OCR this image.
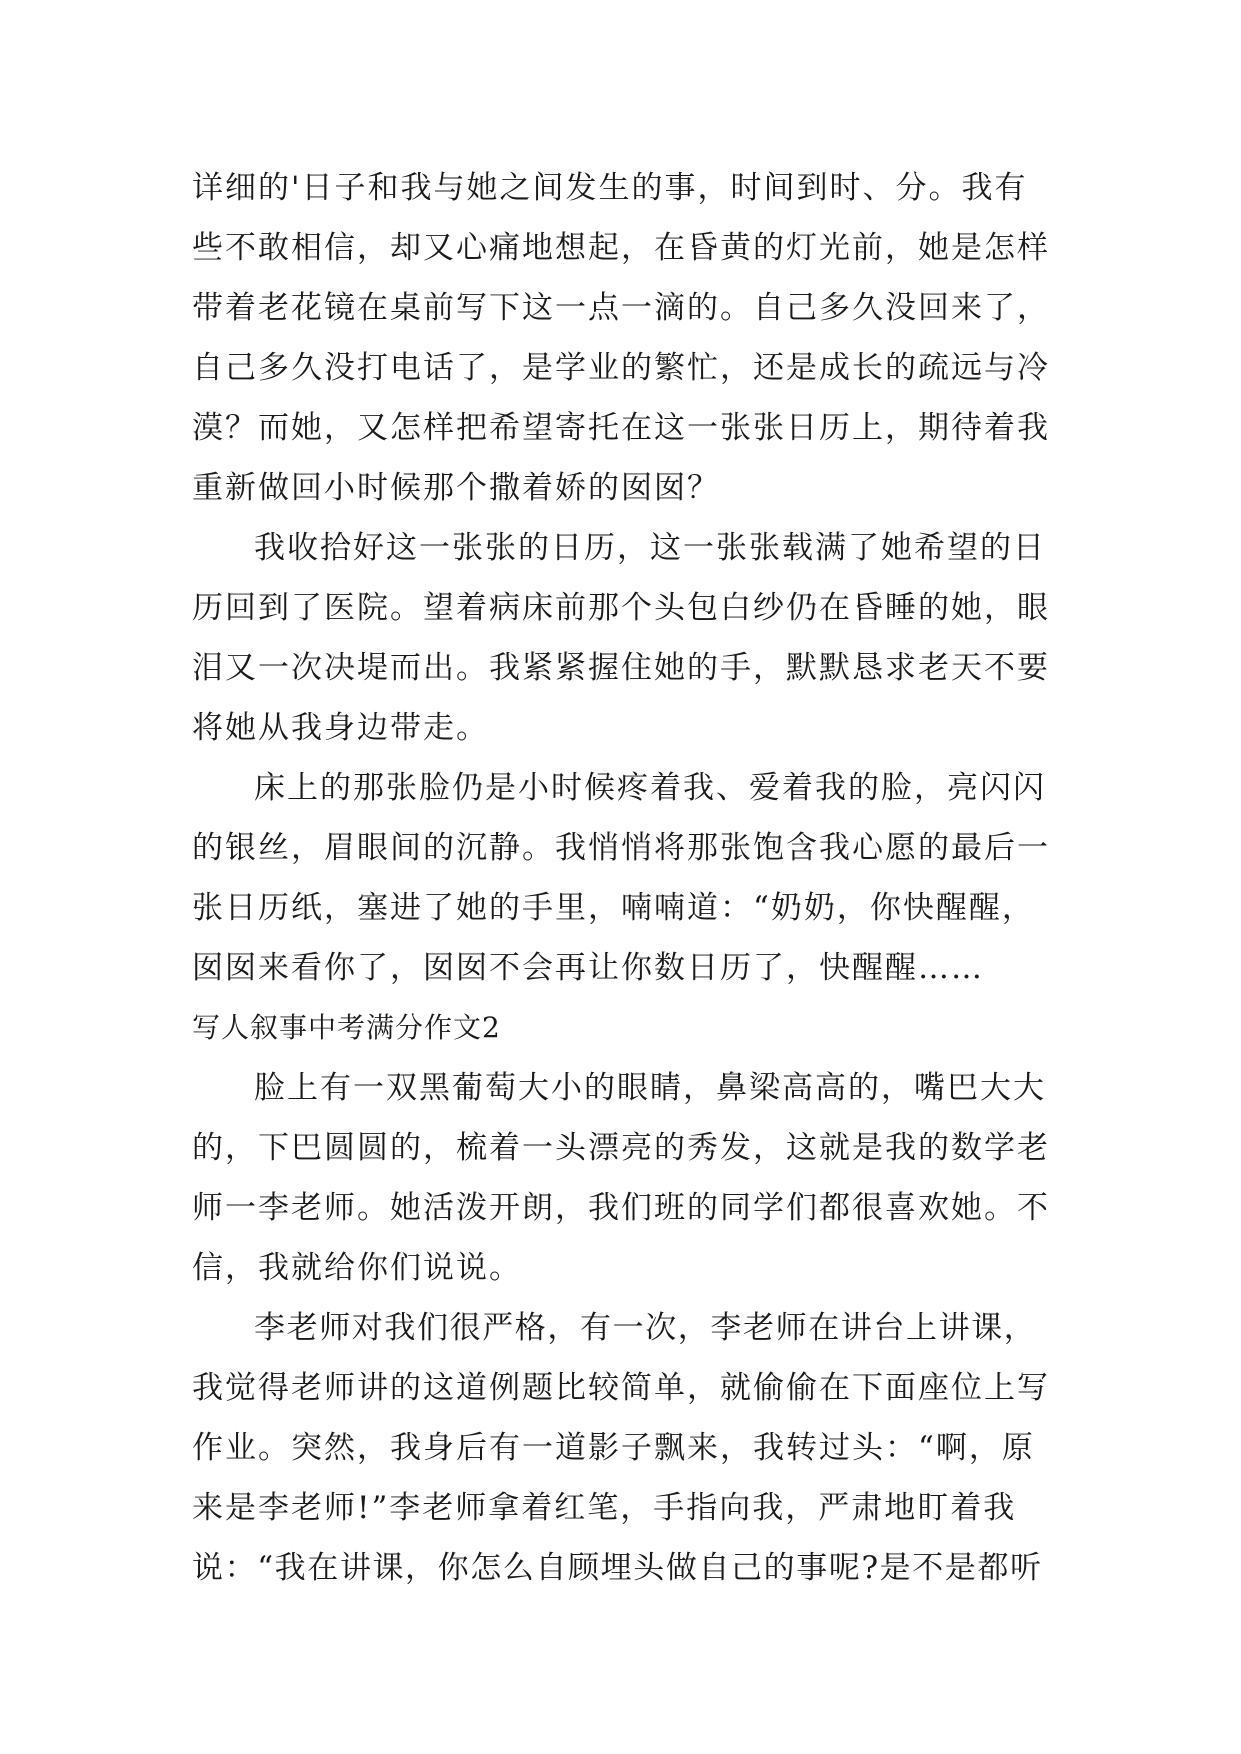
详细的'日子和我与她之间发生的事，时间到时、分。我有
些不敢相信，却又心痛地想起，在昏黄的灯光前，她是怎样
带着老花镜在桌前写下这一点一滴的。自己多久没回来了，
自己多久没打电话了，是学业的繁忙，还是成长的疏远与冷
漠？而她，又怎样把希望寄托在这一张张日历上，期待着我
重新做回小时候那个撒着娇的囡囡？
我收拾好这一张张的日历，这一张张载满了她希望的日
历回到了医院。望着病床前那个头包白纱仍在昏睡的她，眼
泪又一次决堤而出。我紧紧握住她的手，默默恳求老天不要
将她从我身边带走。
床上的那张脸仍是小时候疼着我、爱着我的脸，亮闪闪
的银丝，眉眼间的沉静。我悄悄将那张饱含我心愿的最后一
张日历纸，塞进了她的手里，喃喃道：“奶奶，你快醒醒，
囡囡来看你了，囡囡不会再让你数日历了，快醒醒……
写人叙事中考满分作文2
脸上有一双黑葡萄大小的眼睛，鼻梁高高的，嘴巴大大
的，下巴圆圆的，梳着一头漂亮的秀发，这就是我的数学老
师一李老师。她活泼开朗，我们班的同学们都很喜欢她。不
信，我就给你们说说。
李老师对我们很严格，有一次，李老师在讲台上讲课，
我觉得老师讲的这道例题比较简单，就偷偷在下面座位上写
作业。突然，我身后有一道影子飘来，我转过头：“啊，原
来是李老师!”李老师拿着红笔，手指向我，严肃地盯着我
说：“我在讲课，你怎么自顾埋头做自己的事呢?是不是都听
